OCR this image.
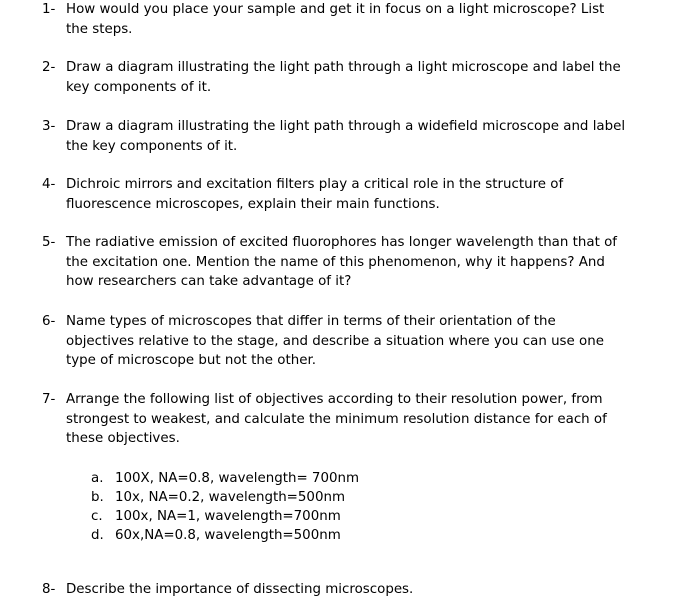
1- How would you place your sample and get it in focus on a light microscope? List the steps.
2- Draw a diagram illustrating the light path through a light microscope and label the key components of it.
3- Draw a diagram illustrating the light path through a widefield microscope and label the key components of it.
4- Dichroic mirrors and excitation filters play a critical role in the structure of fluorescence microscopes, explain their main functions.
5- The radiative emission of excited fluorophores has longer wavelength than that of the excitation one. Mention the name of this phenomenon, why it happens? And how researchers can take advantage of it?
6- Name types of microscopes that differ in terms of their orientation of the objectives relative to the stage, and describe a situation where you can use one type of microscope but not the other.
7- Arrange the following list of objectives according to their resolution power, from strongest to weakest, and calculate the minimum resolution distance for each of these objectives.
a. 100X, NA=0.8, wavelength= 700nm
b. 10x, NA=0.2, wavelength=500nm
c. 100x, NA=1, wavelength=700nm
d. 60x,NA=0.8, wavelength=500nm
8- Describe the importance of dissecting microscopes.
